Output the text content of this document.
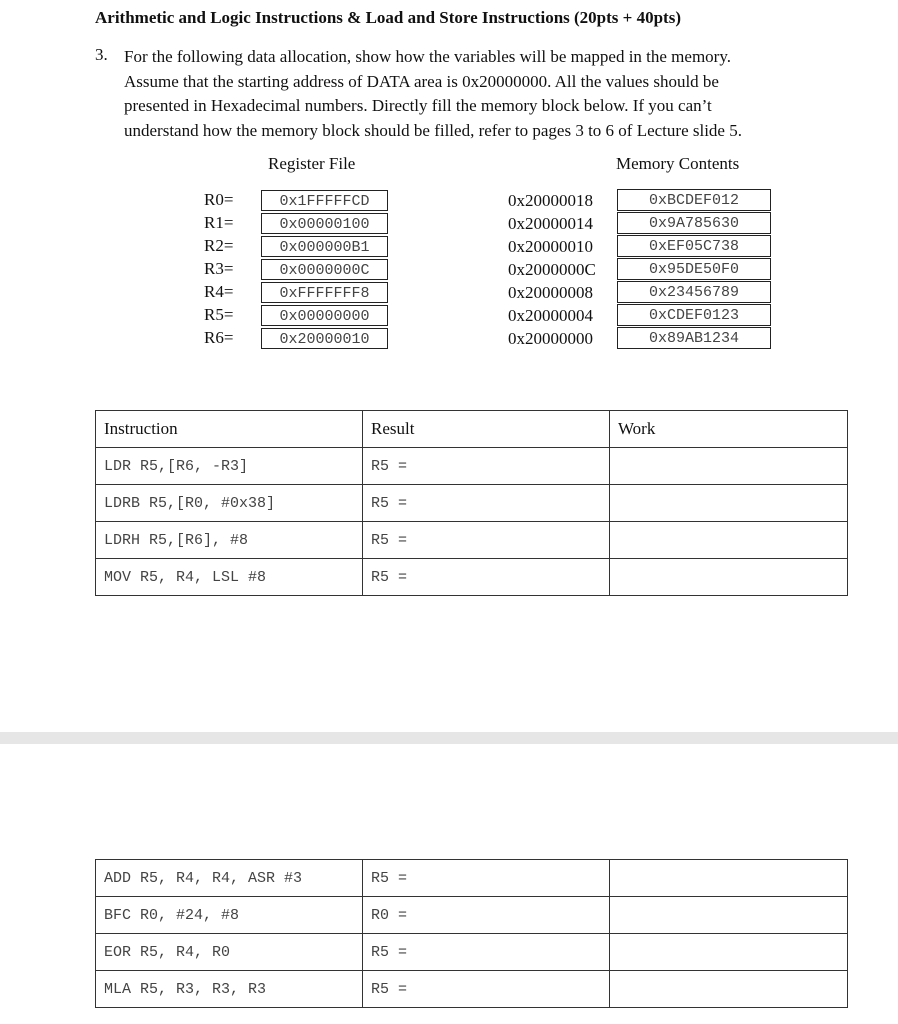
Arithmetic and Logic Instructions & Load and Store Instructions (20pts + 40pts)
3. For the following data allocation, show how the variables will be mapped in the memory.
Assume that the starting address of DATA area is 0x20000000. All the values should be
presented in Hexadecimal numbers. Directly fill the memory block below. If you can’t
understand how the memory block should be filled, refer to pages 3 to 6 of Lecture slide 5.
Register File	Memory Contents
R0=	0x1FFFFFCD
R1=	0x00000100
R2=	0x000000B1
R3=	0x0000000C
R4=	0xFFFFFFF8
R5=	0x00000000
R6=	0x20000010
0x20000018	0xBCDEF012
0x20000014	0x9A785630
0x20000010	0xEF05C738
0x2000000C	0x95DE50F0
0x20000008	0x23456789
0x20000004	0xCDEF0123
0x20000000	0x89AB1234
Instruction	Result	Work
LDR R5,[R6, -R3]	R5 =	
LDRB R5,[R0, #0x38]	R5 =	
LDRH R5,[R6], #8	R5 =	
MOV R5, R4, LSL #8	R5 =	
ADD R5, R4, R4, ASR #3	R5 =	
BFC R0, #24, #8	R0 =	
EOR R5, R4, R0	R5 =	
MLA R5, R3, R3, R3	R5 =	
